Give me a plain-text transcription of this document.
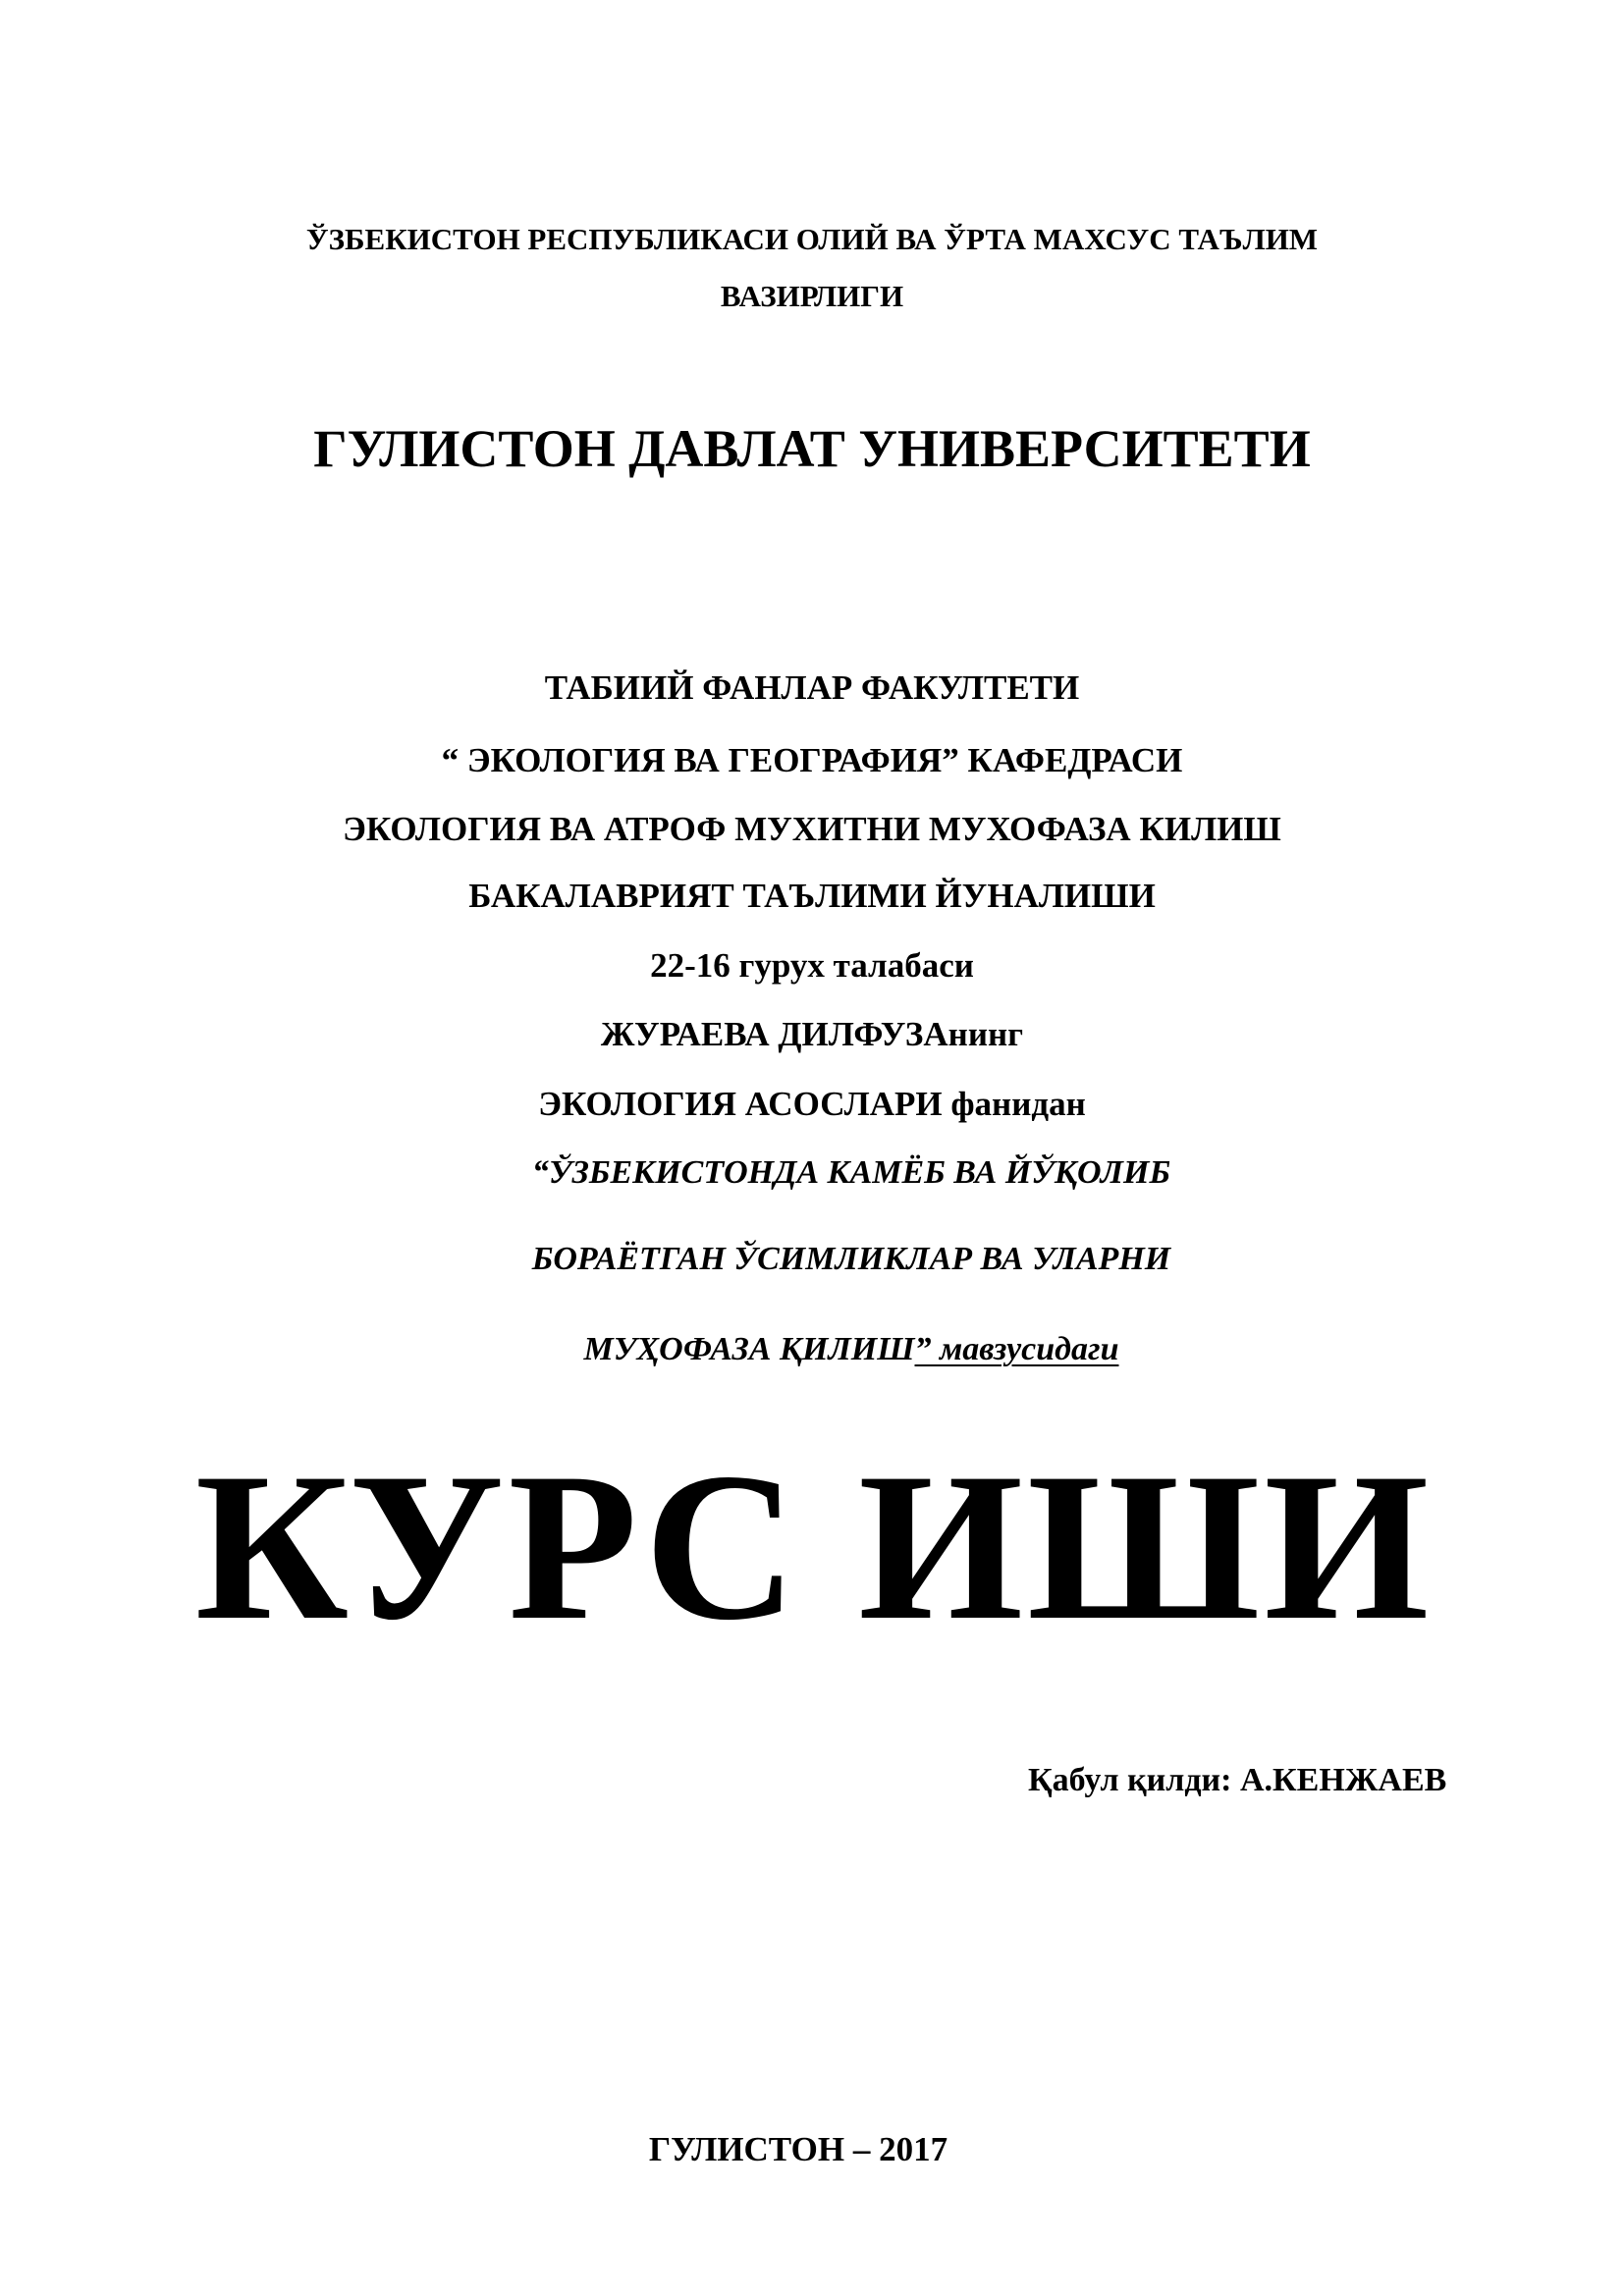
ЎЗБЕКИСТОН РЕСПУБЛИКАСИ ОЛИЙ ВА ЎРТА МАХСУС ТАЪЛИМ
ВАЗИРЛИГИ
ГУЛИСТОН ДАВЛАТ УНИВЕРСИТЕТИ
ТАБИИЙ ФАНЛАР ФАКУЛТЕТИ
“ ЭКОЛОГИЯ ВА ГЕОГРАФИЯ” КАФЕДРАСИ
ЭКОЛОГИЯ ВА АТРОФ МУХИТНИ МУХОФАЗА КИЛИШ
БАКАЛАВРИЯТ ТАЪЛИМИ ЙУНАЛИШИ
22-16 гурух талабаси
ЖУРАЕВА ДИЛФУЗАнинг
ЭКОЛОГИЯ АСОСЛАРИ фанидан
“ЎЗБЕКИСТОНДА КАМЁБ ВА ЙЎҚОЛИБ
БОРАЁТГАН ЎСИМЛИКЛАР ВА УЛАРНИ
МУҲОФАЗА ҚИЛИШ” мавзусидаги
КУРС ИШИ
Қабул қилди: А.КЕНЖАЕВ
ГУЛИСТОН – 2017
